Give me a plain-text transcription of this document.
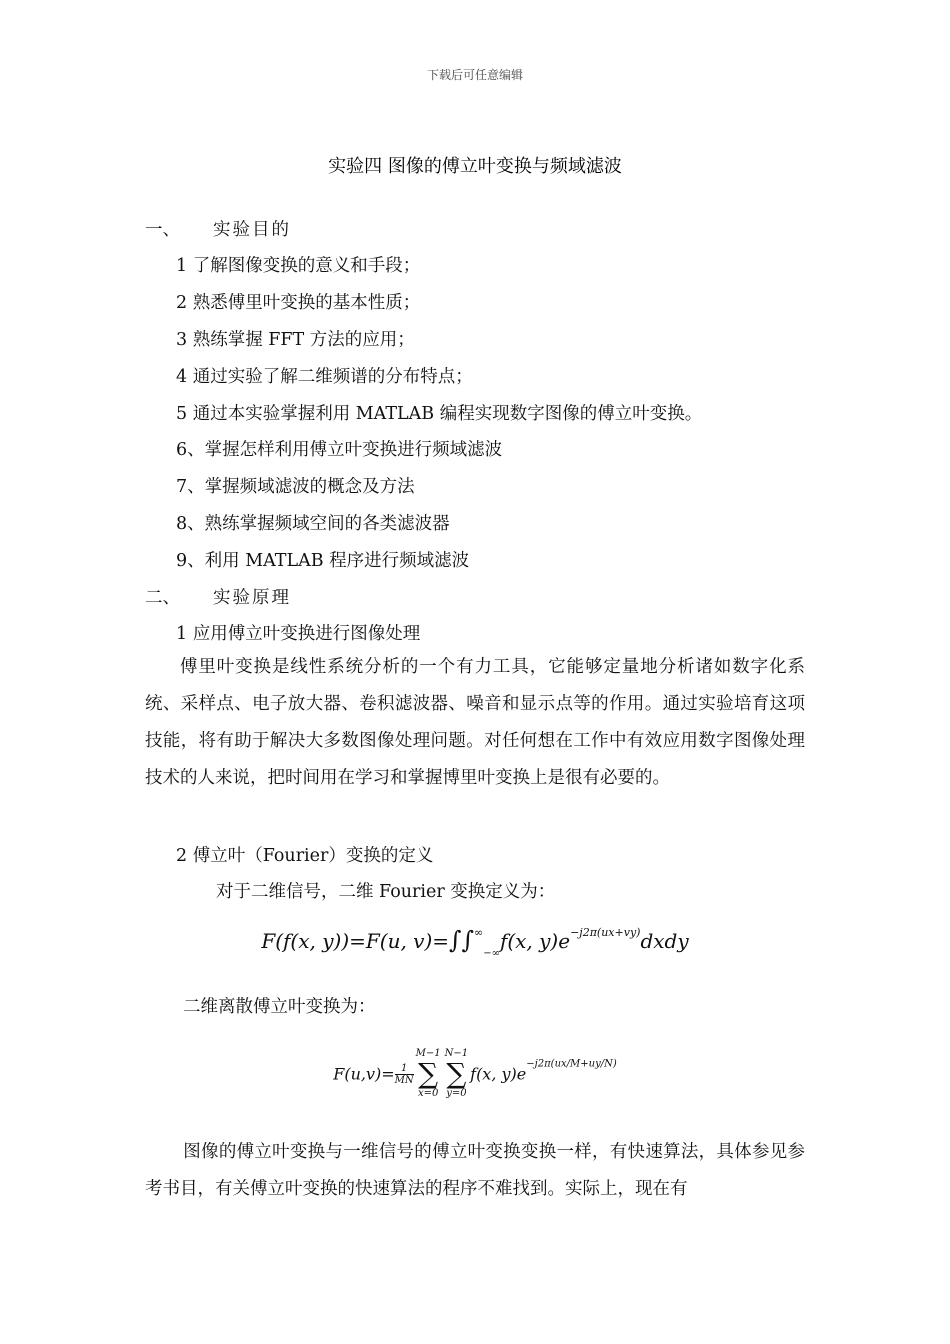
下载后可任意编辑
实验四 图像的傅立叶变换与频域滤波
一、 实验目的
1 了解图像变换的意义和手段；
2 熟悉傅里叶变换的基本性质；
3 熟练掌握 FFT 方法的应用；
4 通过实验了解二维频谱的分布特点；
5 通过本实验掌握利用 MATLAB 编程实现数字图像的傅立叶变换。
6、掌握怎样利用傅立叶变换进行频域滤波
7、掌握频域滤波的概念及方法
8、熟练掌握频域空间的各类滤波器
9、利用 MATLAB 程序进行频域滤波
二、 实验原理
1 应用傅立叶变换进行图像处理
傅里叶变换是线性系统分析的一个有力工具，它能够定量地分析诸如数字化系统、采样点、电子放大器、卷积滤波器、噪音和显示点等的作用。通过实验培育这项技能，将有助于解决大多数图像处理问题。对任何想在工作中有效应用数字图像处理技术的人来说，把时间用在学习和掌握博里叶变换上是很有必要的。
2 傅立叶（Fourier）变换的定义
对于二维信号，二维 Fourier 变换定义为：
F(f(x, y))=F(u, $v)=\int\int^\infty_{-\infty}f(x$, $y)e^{-j2\pi(ux+vy)}dxdy$
二维离散傅立叶变换为：
$F(u,v)= \frac{1}{MN}$
M−1
∑
x=0
N−1
∑
y=0
f(x, $y)e^{-j2\pi(ux/M+uy/N)}$
图像的傅立叶变换与一维信号的傅立叶变换变换一样，有快速算法，具体参见参考书目，有关傅立叶变换的快速算法的程序不难找到。实际上，现在有
